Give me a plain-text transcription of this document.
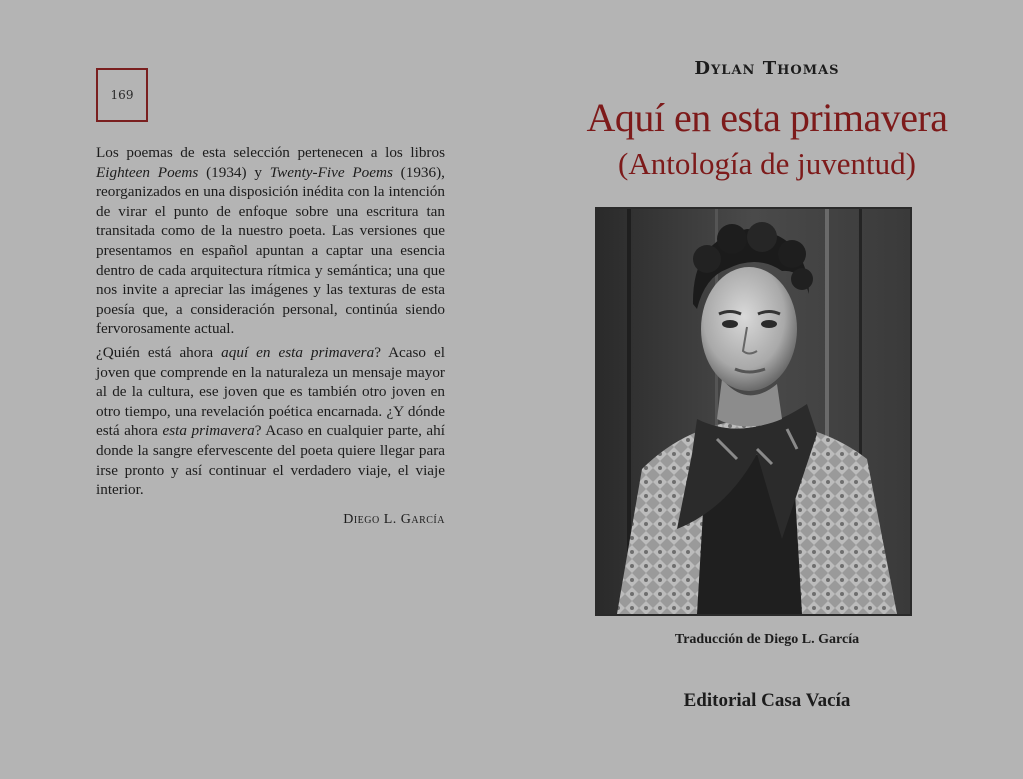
169

Los poemas de esta selección pertenecen a los libros Eighteen Poems (1934) y Twenty-Five Poems (1936), reorganizados en una disposición inédita con la intención de virar el punto de enfoque sobre una escritura tan transitada como de la nuestro poeta. Las versiones que presentamos en español apuntan a captar una esencia dentro de cada arquitectura rítmica y semántica; una que nos invite a apreciar las imágenes y las texturas de esta poesía que, a consideración personal, continúa siendo fervorosamente actual.

¿Quién está ahora aquí en esta primavera? Acaso el joven que comprende en la naturaleza un mensaje mayor al de la cultura, ese joven que es también otro joven en otro tiempo, una revelación poética encarnada. ¿Y dónde está ahora esta primavera? Acaso en cualquier parte, ahí donde la sangre efervescente del poeta quiere llegar para irse pronto y así continuar el verdadero viaje, el viaje interior.

Diego L. García
Dylan Thomas
Aquí en esta primavera
(Antología de juventud)
Traducción de Diego L. García
Editorial Casa Vacía
